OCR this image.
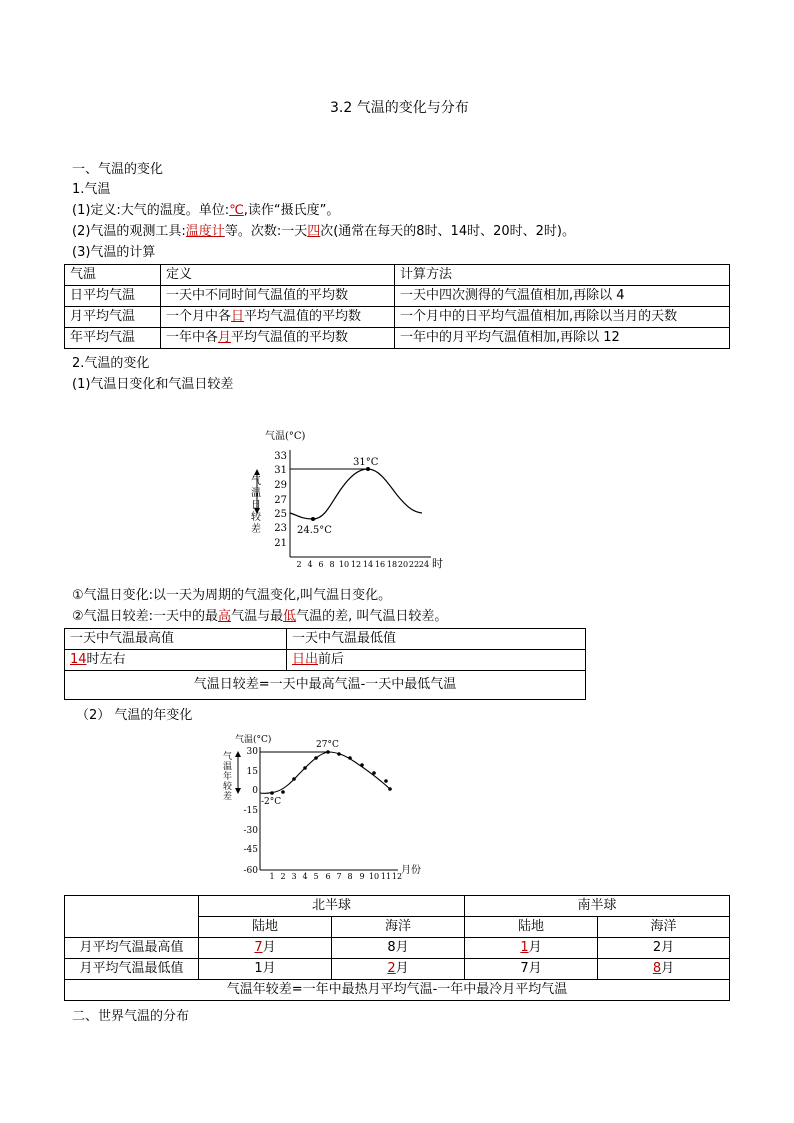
3.2 气温的变化与分布
一、气温的变化
1.气温
(1)定义:大气的温度。单位:℃,读作“摄氏度”。
(2)气温的观测工具:温度计等。次数:一天四次(通常在每天的8时、14时、20时、2时)。
(3)气温的计算
气温	定义	计算方法
日平均气温	一天中不同时间气温值的平均数	一天中四次测得的气温值相加,再除以 4
月平均气温	一个月中各日平均气温值的平均数	一个月中的日平均气温值相加,再除以当月的天数
年平均气温	一年中各月平均气温值的平均数	一年中的月平均气温值相加,再除以 12
2.气温的变化
(1)气温日变化和气温日较差
气温(°C)
33
31
29
27
25
23
21
2 4 6 8 10 12 14 16 18 20 22 24 时
31°C
24.5°C
气温日较差
①气温日变化:以一天为周期的气温变化,叫气温日变化。
②气温日较差:一天中的最高气温与最低气温的差, 叫气温日较差。
一天中气温最高值	一天中气温最低值
14时左右	日出前后
气温日较差=一天中最高气温-一天中最低气温	
（2） 气温的年变化
气温(°C)
30
15
0
-15
-30
-45
-60
1 2 3 4 5 6 7 8 9 10 11 12
月份
27°C
-2°C
气温年较差
	北半球		南半球	
	陆地	海洋	陆地	海洋
月平均气温最高值	7月	8月	1月	2月
月平均气温最低值	1月	2月	7月	8月
气温年较差=一年中最热月平均气温-一年中最冷月平均气温				
二、世界气温的分布
